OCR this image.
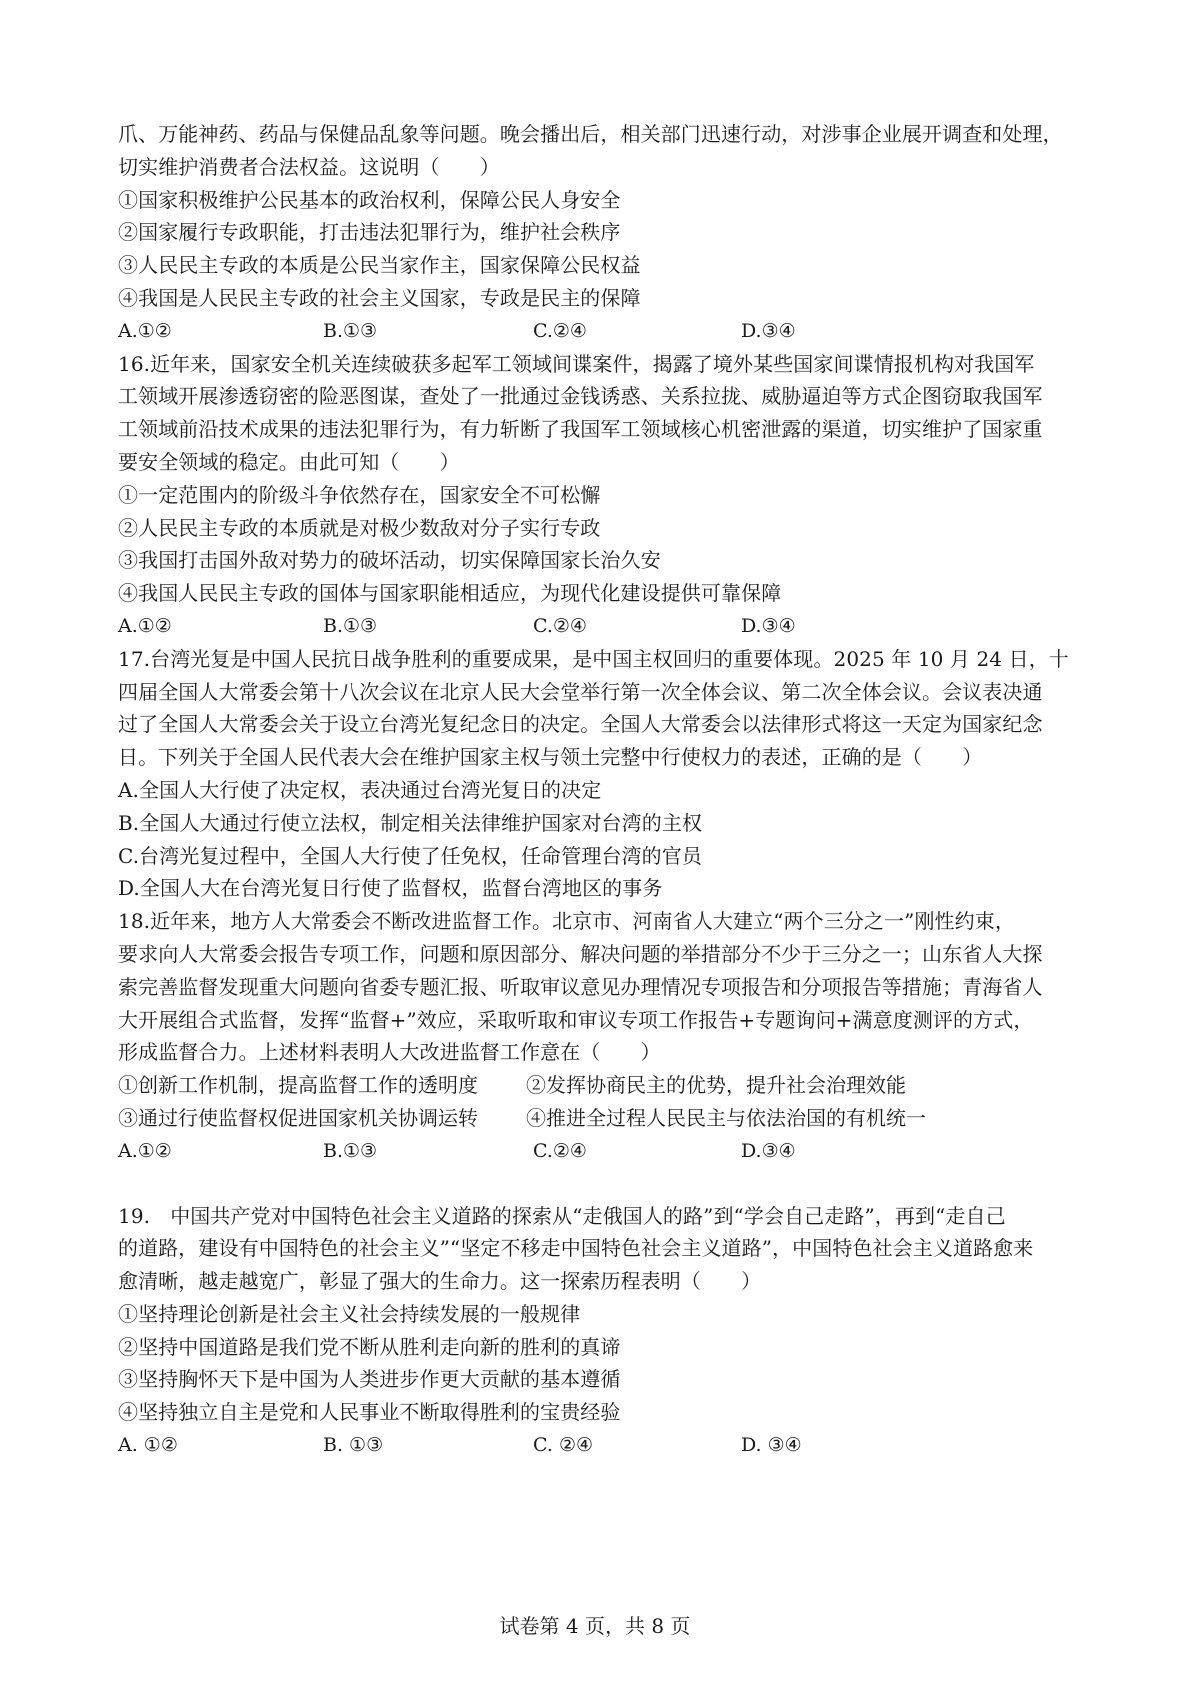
爪、万能神药、药品与保健品乱象等问题。晚会播出后，相关部门迅速行动，对涉事企业展开调查和处理，
切实维护消费者合法权益。这说明（　　）
①国家积极维护公民基本的政治权利，保障公民人身安全
②国家履行专政职能，打击违法犯罪行为，维护社会秩序
③人民民主专政的本质是公民当家作主，国家保障公民权益
④我国是人民民主专政的社会主义国家，专政是民主的保障
A.①②	B.①③	C.②④	D.③④
16.近年来，国家安全机关连续破获多起军工领域间谍案件，揭露了境外某些国家间谍情报机构对我国军
工领域开展渗透窃密的险恶图谋，查处了一批通过金钱诱惑、关系拉拢、威胁逼迫等方式企图窃取我国军
工领域前沿技术成果的违法犯罪行为，有力斩断了我国军工领域核心机密泄露的渠道，切实维护了国家重
要安全领域的稳定。由此可知（　　）
①一定范围内的阶级斗争依然存在，国家安全不可松懈
②人民民主专政的本质就是对极少数敌对分子实行专政
③我国打击国外敌对势力的破坏活动，切实保障国家长治久安
④我国人民民主专政的国体与国家职能相适应，为现代化建设提供可靠保障
A.①②	B.①③	C.②④	D.③④
17.台湾光复是中国人民抗日战争胜利的重要成果，是中国主权回归的重要体现。2025 年 10 月 24 日，十
四届全国人大常委会第十八次会议在北京人民大会堂举行第一次全体会议、第二次全体会议。会议表决通
过了全国人大常委会关于设立台湾光复纪念日的决定。全国人大常委会以法律形式将这一天定为国家纪念
日。下列关于全国人民代表大会在维护国家主权与领土完整中行使权力的表述，正确的是（　　）
A.全国人大行使了决定权，表决通过台湾光复日的决定
B.全国人大通过行使立法权，制定相关法律维护国家对台湾的主权
C.台湾光复过程中，全国人大行使了任免权，任命管理台湾的官员
D.全国人大在台湾光复日行使了监督权，监督台湾地区的事务
18.近年来，地方人大常委会不断改进监督工作。北京市、河南省人大建立“两个三分之一”刚性约束，
要求向人大常委会报告专项工作，问题和原因部分、解决问题的举措部分不少于三分之一；山东省人大探
索完善监督发现重大问题向省委专题汇报、听取审议意见办理情况专项报告和分项报告等措施；青海省人
大开展组合式监督，发挥“监督+”效应，采取听取和审议专项工作报告+专题询问+满意度测评的方式，
形成监督合力。上述材料表明人大改进监督工作意在（　　）
①创新工作机制，提高监督工作的透明度 ②发挥协商民主的优势，提升社会治理效能
③通过行使监督权促进国家机关协调运转 ④推进全过程人民民主与依法治国的有机统一
A.①②	B.①③	C.②④	D.③④
19.　中国共产党对中国特色社会主义道路的探索从“走俄国人的路”到“学会自己走路”，再到“走自己
的道路，建设有中国特色的社会主义”“坚定不移走中国特色社会主义道路”，中国特色社会主义道路愈来
愈清晰，越走越宽广，彰显了强大的生命力。这一探索历程表明（　　）
①坚持理论创新是社会主义社会持续发展的一般规律
②坚持中国道路是我们党不断从胜利走向新的胜利的真谛
③坚持胸怀天下是中国为人类进步作更大贡献的基本遵循
④坚持独立自主是党和人民事业不断取得胜利的宝贵经验
A. ①②	B. ①③	C. ②④	D. ③④
试卷第 4 页，共 8 页
